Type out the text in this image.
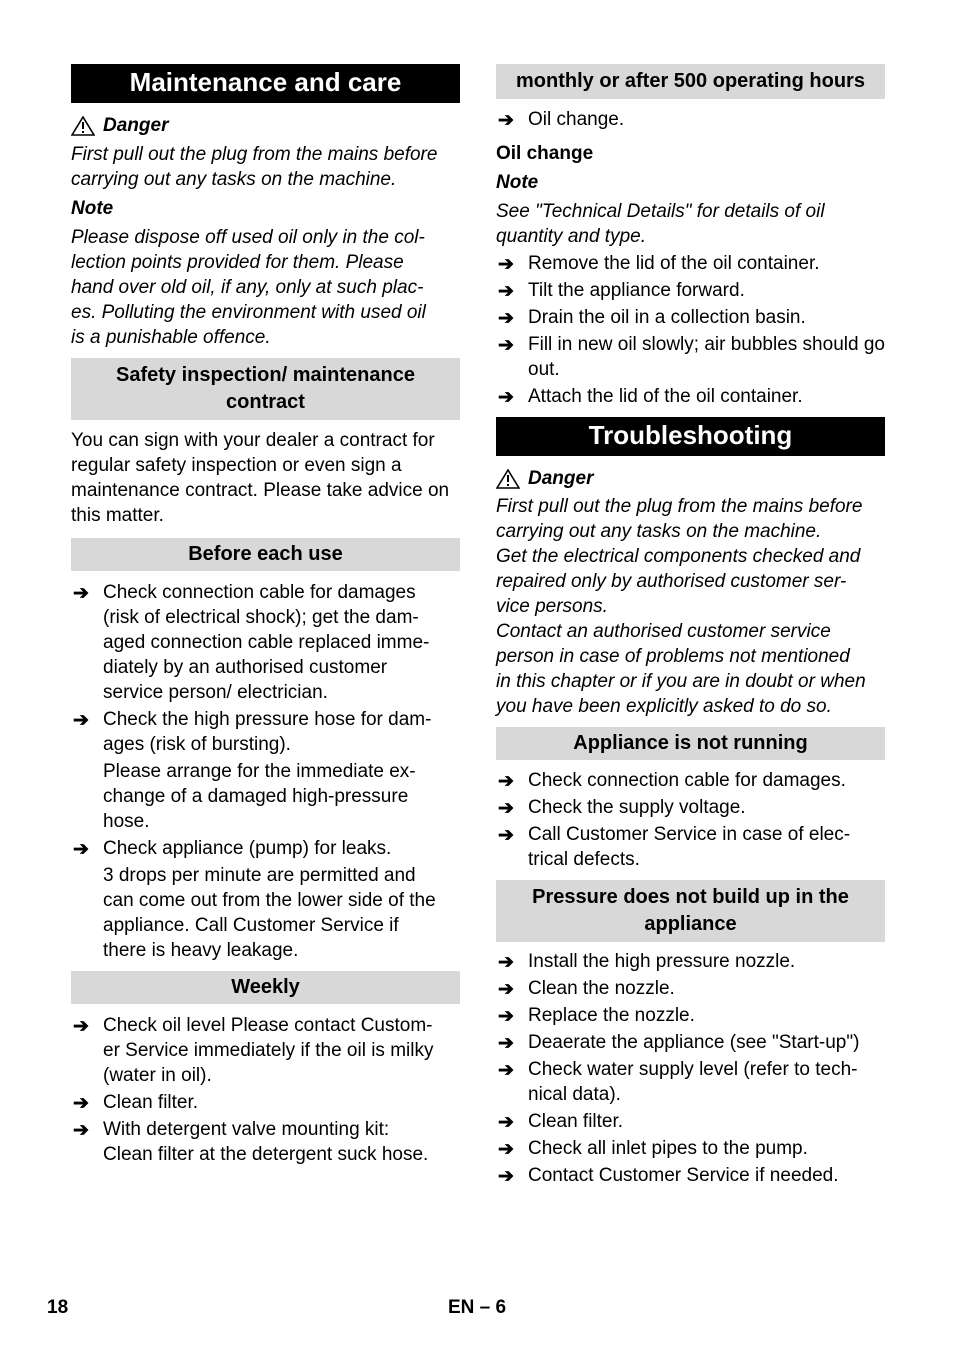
Maintenance and care
Danger

First pull out the plug from the mains before carrying out any tasks on the machine.

Note

Please dispose off used oil only in the col-

lection points provided for them. Please

hand over old oil, if any, only at such plac-

es. Polluting the environment with used oil

is a punishable offence.

Safety inspection/ maintenance contract

You can sign with your dealer a contract for regular safety inspection or even sign a maintenance contract. Please take advice on this matter.

Before each use
➔ Check connection cable for damages

(risk of electrical shock); get the dam-

aged connection cable replaced imme-

diately by an authorised customer

service person/ electrician.

➔ Check the high pressure hose for dam-

ages (risk of bursting).

Please arrange for the immediate ex-

change of a damaged high-pressure

hose.

➔ Check appliance (pump) for leaks.

3 drops per minute are permitted and

can come out from the lower side of the

appliance. Call Customer Service if

there is heavy leakage.

Weekly
➔ Check oil level Please contact Custom-

er Service immediately if the oil is milky

(water in oil).

➔ Clean filter.

➔ With detergent valve mounting kit:

Clean filter at the detergent suck hose.

monthly or after 500 operating hours
➔ Oil change.

Oil change

Note

See "Technical Details" for details of oil quantity and type.

➔ Remove the lid of the oil container.

➔ Tilt the appliance forward.

➔ Drain the oil in a collection basin.

➔ Fill in new oil slowly; air bubbles should go out.

➔ Attach the lid of the oil container.

Troubleshooting
Danger

First pull out the plug from the mains before

carrying out any tasks on the machine.

Get the electrical components checked and

repaired only by authorised customer ser-

vice persons.

Contact an authorised customer service

person in case of problems not mentioned

in this chapter or if you are in doubt or when

you have been explicitly asked to do so.

Appliance is not running
➔ Check connection cable for damages.

➔ Check the supply voltage.

➔ Call Customer Service in case of elec-

trical defects.

Pressure does not build up in the appliance
➔ Install the high pressure nozzle.

➔ Clean the nozzle.

➔ Replace the nozzle.

➔ Deaerate the appliance (see "Start-up")

➔ Check water supply level (refer to tech-

nical data).

➔ Clean filter.

➔ Check all inlet pipes to the pump.

➔ Contact Customer Service if needed.

18	EN – 6
